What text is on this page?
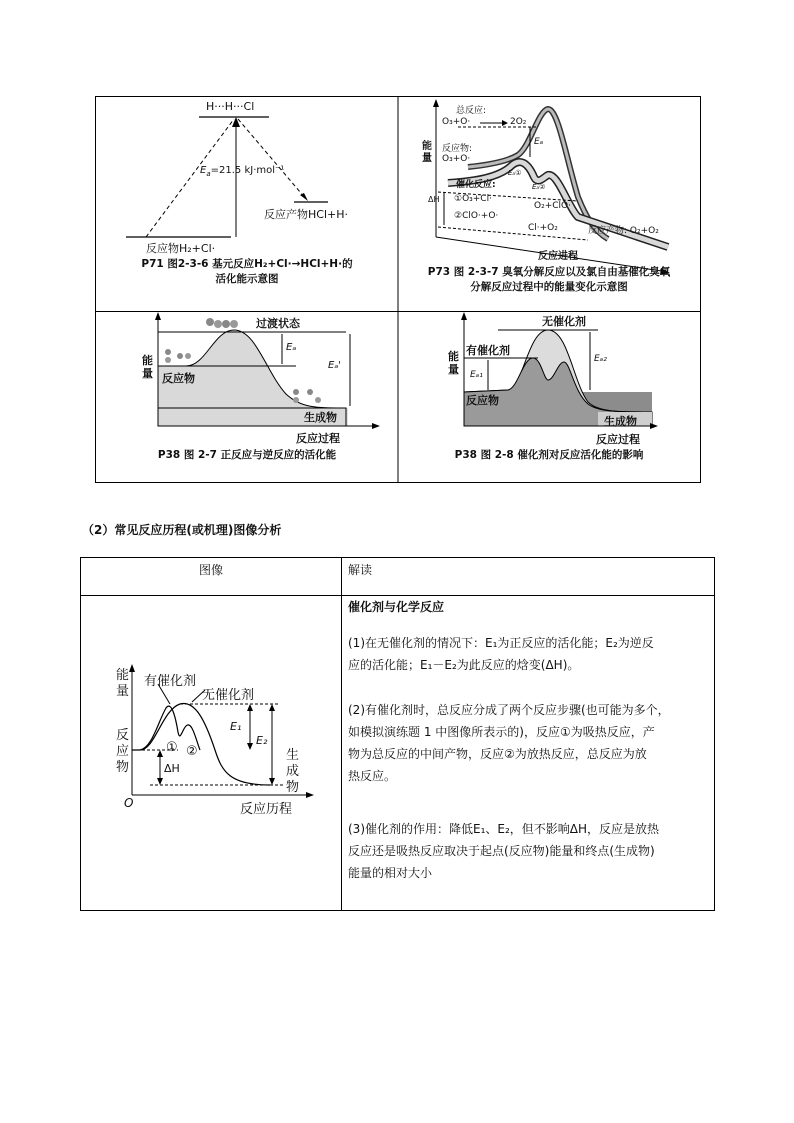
H···H···Cl
$E_a=21.5$ kJ·mol⁻¹
反应产物HCl+H·
反应物H₂+Cl·
P71 图2-3-6 基元反应H₂+Cl·→HCl+H·的
活化能示意图
总反应:
O₃+O·	2O₂
Eₐ
反应物:
O₃+O·
能量
催化反应:
Eₐ①
Eₐ②
ΔH ①O₃+Cl·
O₂+ClO·
②ClO·+O·
Cl·+O₂	反应产物: O₂+O₂
反应进程
P73 图 2-3-7 臭氧分解反应以及氯自由基催化臭氧
分解反应过程中的能量变化示意图
过渡状态
能量 反应物
Eₐ
Eₐ'
生成物
反应过程
P38 图 2-7 正反应与逆反应的活化能
无催化剂
有催化剂
能量 Eₐ₁
Eₐ₂
反应物
生成物
反应过程
P38 图 2-8 催化剂对反应活化能的影响
（2）常见反应历程(或机理)图像分析
图像	解读
能
量
有催化剂
无催化剂
反
应
物
生
成
物
① ②
E₁
E₂
ΔH
O	反应历程
催化剂与化学反应
(1)在无催化剂的情况下：E₁为正反应的活化能；E₂为逆反
应的活化能；E₁－E₂为此反应的焓变(ΔH)。
(2)有催化剂时，总反应分成了两个反应步骤(也可能为多个，
如模拟演练题 1 中图像所表示的)，反应①为吸热反应，产
物为总反应的中间产物，反应②为放热反应，总反应为放
热反应。
(3)催化剂的作用：降低E₁、E₂，但不影响ΔH，反应是放热
反应还是吸热反应取决于起点(反应物)能量和终点(生成物)
能量的相对大小
